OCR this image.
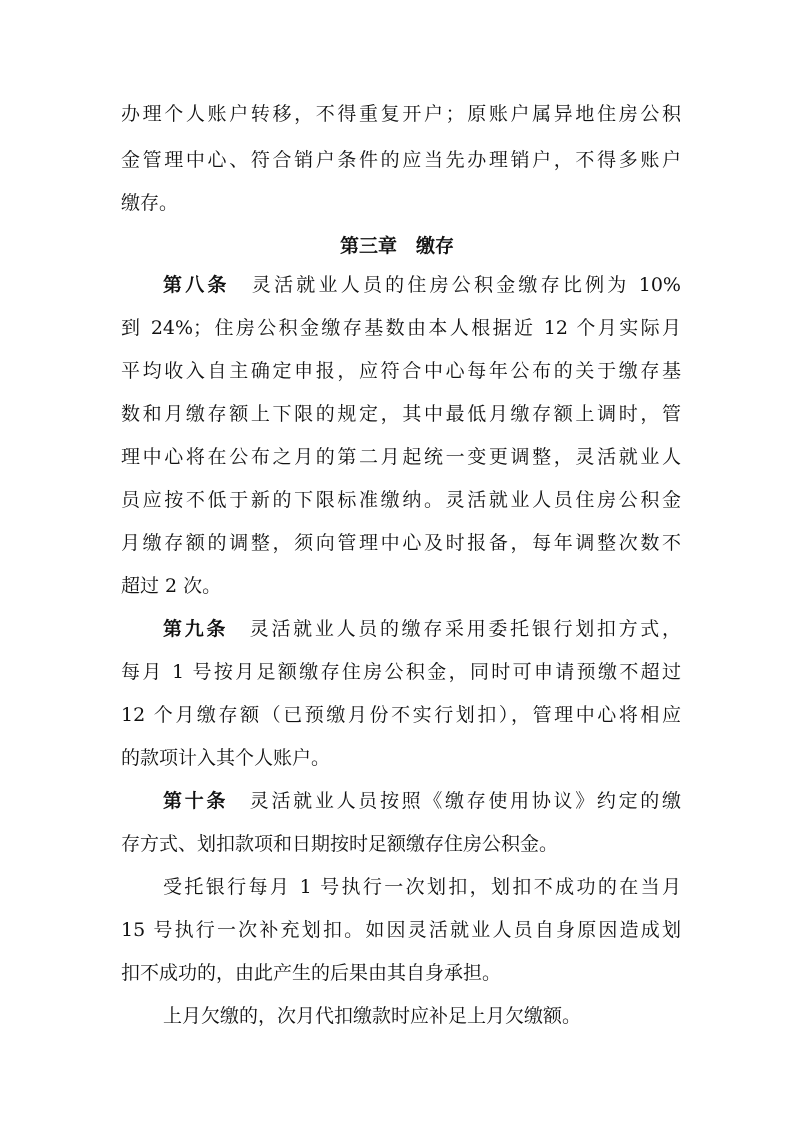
办理个人账户转移，不得重复开户；原账户属异地住房公积
金管理中心、符合销户条件的应当先办理销户，不得多账户
缴存。
第三章　缴存
第八条　灵活就业人员的住房公积金缴存比例为 10%
到 24%；住房公积金缴存基数由本人根据近 12 个月实际月
平均收入自主确定申报，应符合中心每年公布的关于缴存基
数和月缴存额上下限的规定，其中最低月缴存额上调时，管
理中心将在公布之月的第二月起统一变更调整，灵活就业人
员应按不低于新的下限标准缴纳。灵活就业人员住房公积金
月缴存额的调整，须向管理中心及时报备，每年调整次数不
超过 2 次。
第九条　灵活就业人员的缴存采用委托银行划扣方式，
每月 1 号按月足额缴存住房公积金，同时可申请预缴不超过
12 个月缴存额（已预缴月份不实行划扣），管理中心将相应
的款项计入其个人账户。
第十条　灵活就业人员按照《缴存使用协议》约定的缴
存方式、划扣款项和日期按时足额缴存住房公积金。
受托银行每月 1 号执行一次划扣，划扣不成功的在当月
15 号执行一次补充划扣。如因灵活就业人员自身原因造成划
扣不成功的，由此产生的后果由其自身承担。
上月欠缴的，次月代扣缴款时应补足上月欠缴额。
